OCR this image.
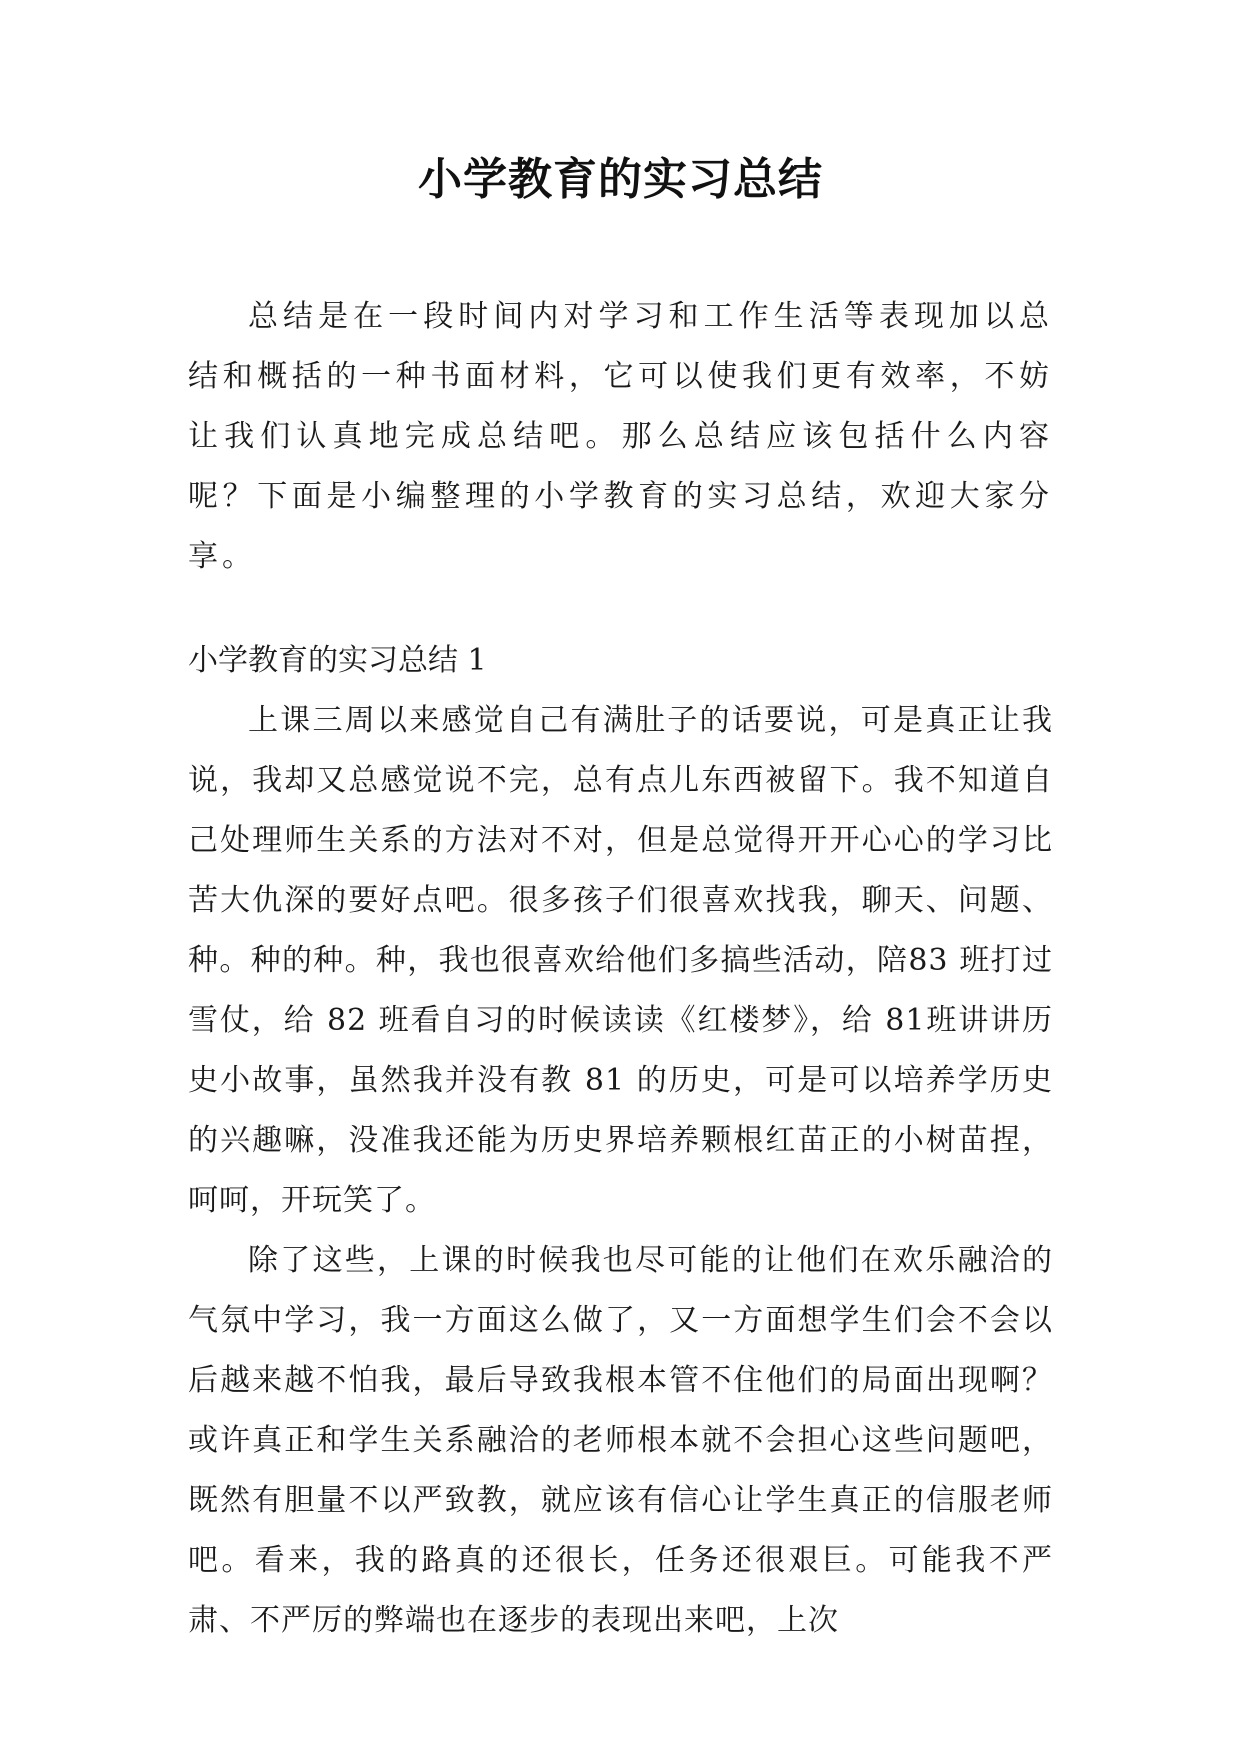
小学教育的实习总结

总结是在一段时间内对学习和工作生活等表现加以总结和概括的一种书面材料，它可以使我们更有效率，不妨让我们认真地完成总结吧。那么总结应该包括什么内容呢？下面是小编整理的小学教育的实习总结，欢迎大家分享。

小学教育的实习总结 1

上课三周以来感觉自己有满肚子的话要说，可是真正让我说，我却又总感觉说不完，总有点儿东西被留下。我不知道自己处理师生关系的方法对不对，但是总觉得开开心心的学习比苦大仇深的要好点吧。很多孩子们很喜欢找我，聊天、问题、种。种的种。种，我也很喜欢给他们多搞些活动，陪83 班打过雪仗，给 82 班看自习的时候读读《红楼梦》，给 81班讲讲历史小故事，虽然我并没有教 81 的历史，可是可以培养学历史的兴趣嘛，没准我还能为历史界培养颗根红苗正的小树苗捏，呵呵，开玩笑了。

除了这些，上课的时候我也尽可能的让他们在欢乐融洽的气氛中学习，我一方面这么做了，又一方面想学生们会不会以后越来越不怕我，最后导致我根本管不住他们的局面出现啊？或许真正和学生关系融洽的老师根本就不会担心这些问题吧，既然有胆量不以严致教，就应该有信心让学生真正的信服老师吧。看来，我的路真的还很长，任务还很艰巨。可能我不严肃、不严厉的弊端也在逐步的表现出来吧，上次
